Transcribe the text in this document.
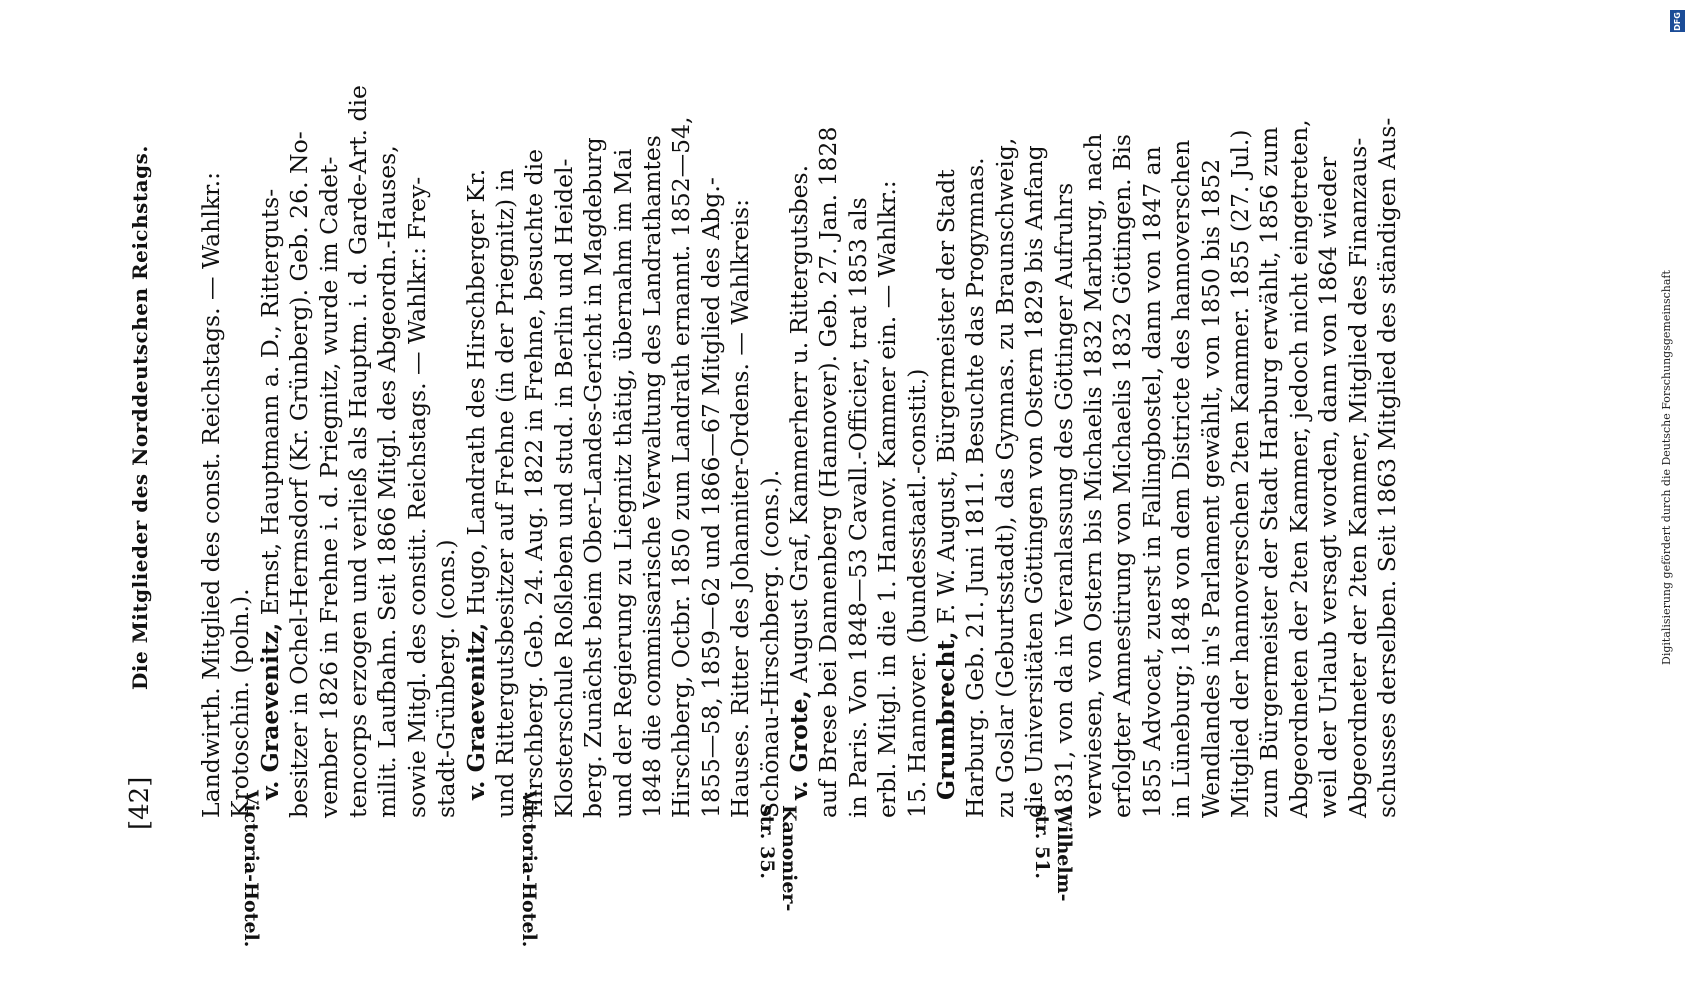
[42]
Die Mitglieder des Norddeutschen Reichstags.
Victoria-Hotel.	Victoria-Hotel.	Kanonier-
str. 35.	Wilhelm-
str. 51.
Landwirth. Mitglied des const. Reichstags. — Wahlkr.: Krotoschin. (poln.). v. Graevenitz, Ernst, Hauptmann a. D., Ritterguts- besitzer in Ochel-Hermsdorf (Kr. Grünberg). Geb. 26. No- vember 1826 in Frehne i. d. Priegnitz, wurde im Cadet- tencorps erzogen und verließ als Hauptm. i. d. Garde-Art. die milit. Laufbahn. Seit 1866 Mitgl. des Abgeordn.-Hauses, sowie Mitgl. des constit. Reichstags. — Wahlkr.: Frey- stadt-Grünberg. (cons.) v. Graevenitz, Hugo, Landrath des Hirschberger Kr. und Rittergutsbesitzer auf Frehne (in der Priegnitz) in Hirschberg. Geb. 24. Aug. 1822 in Frehne, besuchte die Klosterschule Roßleben und stud. in Berlin und Heidel- berg. Zunächst beim Ober-Landes-Gericht in Magdeburg und der Regierung zu Liegnitz thätig, übernahm im Mai 1848 die commissarische Verwaltung des Landrathamtes Hirschberg, Octbr. 1850 zum Landrath ernannt. 1852—54, 1855—58, 1859—62 und 1866—67 Mitglied des Abg.- Hauses. Ritter des Johanniter-Ordens. — Wahlkreis: Schönau-Hirschberg. (cons.). v. Grote, August Graf, Kammerherr u. Rittergutsbes. auf Brese bei Dannenberg (Hannover). Geb. 27. Jan. 1828 in Paris. Von 1848—53 Cavall.-Officier, trat 1853 als erbl. Mitgl. in die 1. Hannov. Kammer ein. — Wahlkr.: 15. Hannover. (bundesstaatl.-constit.) Grumbrecht, F. W. August, Bürgermeister der Stadt Harburg. Geb. 21. Juni 1811. Besuchte das Progymnas. zu Goslar (Geburtsstadt), das Gymnas. zu Braunschweig, die Universitäten Göttingen von Ostern 1829 bis Anfang 1831, von da in Veranlassung des Göttinger Aufruhrs verwiesen, von Ostern bis Michaelis 1832 Marburg, nach erfolgter Amnestirung von Michaelis 1832 Göttingen. Bis 1855 Advocat, zuerst in Fallingbostel, dann von 1847 an in Lüneburg; 1848 von dem Districte des hannoverschen Wendlandes in's Parlament gewählt, von 1850 bis 1852 Mitglied der hannoverschen 2ten Kammer. 1855 (27. Jul.) zum Bürgermeister der Stadt Harburg erwählt, 1856 zum Abgeordneten der 2ten Kammer, jedoch nicht eingetreten, weil der Urlaub versagt worden, dann von 1864 wieder Abgeordneter der 2ten Kammer, Mitglied des Finanzaus- schusses derselben. Seit 1863 Mitglied des ständigen Aus-	Digitalisierung gefördert durch die Deutsche Forschungsgemeinschaft
DFG
